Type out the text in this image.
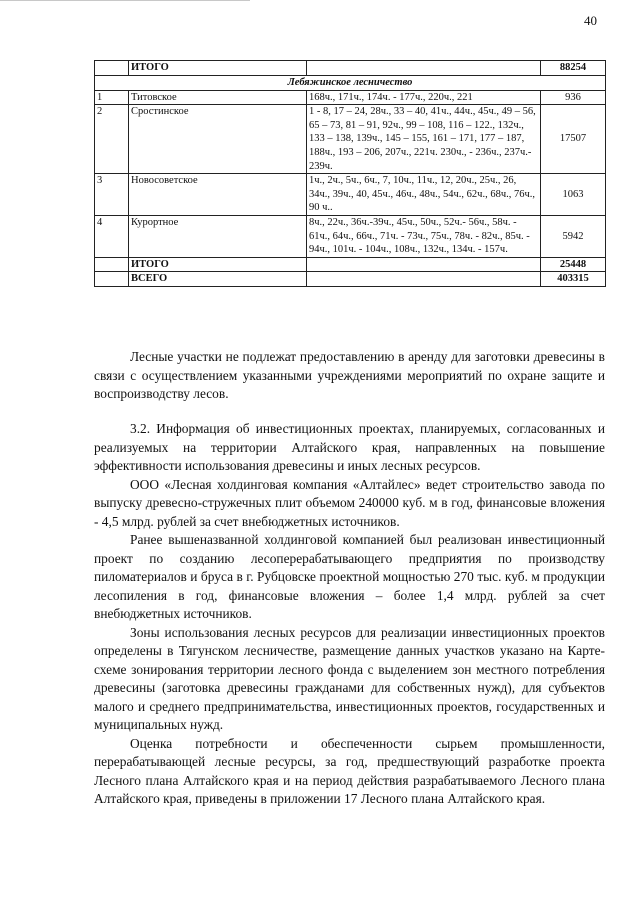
40
	ИТОГО		88254
Лебяжинское лесничество			
1	Титовское	168ч., 171ч., 174ч. - 177ч., 220ч., 221	936
2	Сростинское	1 - 8, 17 – 24, 28ч., 33 – 40, 41ч., 44ч., 45ч., 49 – 56, 65 – 73, 81 – 91, 92ч., 99 – 108, 116 – 122., 132ч., 133 – 138, 139ч., 145 – 155, 161 – 171, 177 – 187, 188ч., 193 – 206, 207ч., 221ч. 230ч., - 236ч., 237ч.- 239ч.	17507
3	Новосоветское	1ч., 2ч., 5ч., 6ч., 7, 10ч., 11ч., 12, 20ч., 25ч., 26, 34ч., 39ч., 40, 45ч., 46ч., 48ч., 54ч., 62ч., 68ч., 76ч., 90 ч..	1063
4	Курортное	8ч., 22ч., 36ч.-39ч., 45ч., 50ч., 52ч.- 56ч., 58ч. - 61ч., 64ч., 66ч., 71ч. - 73ч., 75ч., 78ч. - 82ч., 85ч. - 94ч., 101ч. - 104ч., 108ч., 132ч., 134ч. - 157ч.	5942
	ИТОГО		25448
	ВСЕГО		403315

Лесные участки не подлежат предоставлению в аренду для заготовки древесины в связи с осуществлением указанными учреждениями мероприятий по охране защите и воспроизводству лесов.

3.2. Информация об инвестиционных проектах, планируемых, согласованных и реализуемых на территории Алтайского края, направленных на повышение эффективности использования древесины и иных лесных ресурсов.

ООО «Лесная холдинговая компания «Алтайлес» ведет строительство завода по выпуску древесно-стружечных плит объемом 240000 куб. м в год, финансовые вложения - 4,5 млрд. рублей за счет внебюджетных источников.

Ранее вышеназванной холдинговой компанией был реализован инвестиционный проект по созданию лесоперерабатывающего предприятия по производству пиломатериалов и бруса в г. Рубцовске проектной мощностью 270 тыс. куб. м продукции лесопиления в год, финансовые вложения – более 1,4 млрд. рублей за счет внебюджетных источников.

Зоны использования лесных ресурсов для реализации инвестиционных проектов определены в Тягунском лесничестве, размещение данных участков указано на Карте-схеме зонирования территории лесного фонда с выделением зон местного потребления древесины (заготовка древесины гражданами для собственных нужд), для субъектов малого и среднего предпринимательства, инвестиционных проектов, государственных и муниципальных нужд.

Оценка потребности и обеспеченности сырьем промышленности, перерабатывающей лесные ресурсы, за год, предшествующий разработке проекта Лесного плана Алтайского края и на период действия разрабатываемого Лесного плана Алтайского края, приведены в приложении 17 Лесного плана Алтайского края.
